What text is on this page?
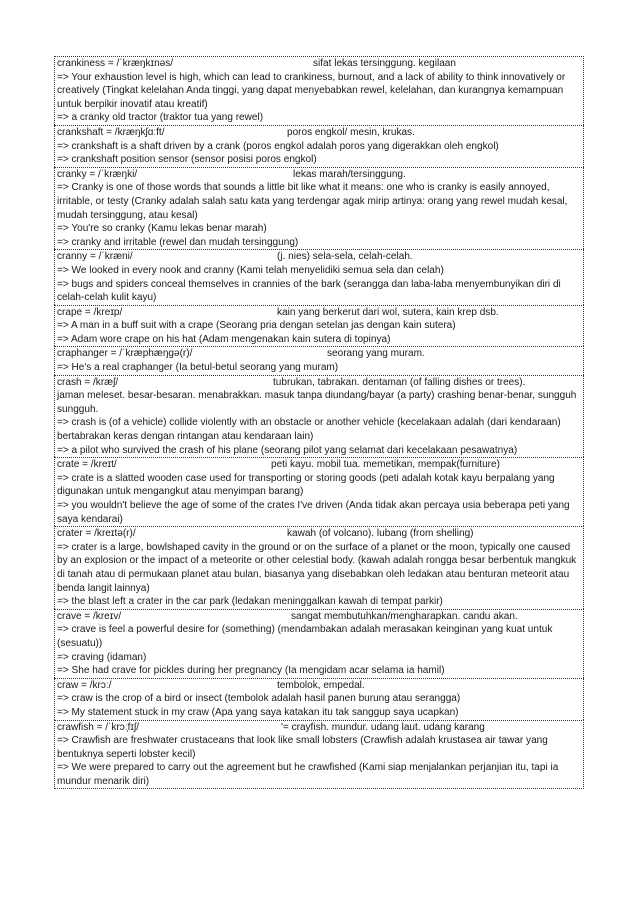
crankiness = /ˈkræŋkɪnəs/	sifat lekas tersinggung. kegilaan
=> Your exhaustion level is high, which can lead to crankiness, burnout, and a lack of ability to think innovatively or creatively (Tingkat kelelahan Anda tinggi, yang dapat menyebabkan rewel, kelelahan, dan kurangnya kemampuan untuk berpikir inovatif atau kreatif)
=> a cranky old tractor (traktor tua yang rewel)
crankshaft = /kræŋkʃɑːft/	poros engkol/ mesin, krukas.
=> crankshaft is a shaft driven by a crank (poros engkol adalah poros yang digerakkan oleh engkol)
=> crankshaft position sensor (sensor posisi poros engkol)
cranky = /ˈkræŋki/	lekas marah/tersinggung.
=> Cranky is one of those words that sounds a little bit like what it means: one who is cranky is easily annoyed, irritable, or testy (Cranky adalah salah satu kata yang terdengar agak mirip artinya: orang yang rewel mudah kesal, mudah tersinggung, atau kesal)
=> You're so cranky (Kamu lekas benar marah)
=> cranky and irritable (rewel dan mudah tersinggung)
cranny = /ˈkræni/	(j. nies) sela-sela, celah-celah.
=> We looked in every nook and cranny (Kami telah menyelidiki semua sela dan celah)
=> bugs and spiders conceal themselves in crannies of the bark (serangga dan laba-laba menyembunyikan diri di celah-celah kulit kayu)
crape = /kreɪp/	kain yang berkerut dari wol, sutera, kain krep dsb.
=> A man in a buff suit with a crape (Seorang pria dengan setelan jas dengan kain sutera)
=> Adam wore crape on his hat (Adam mengenakan kain sutera di topinya)
craphanger = /ˈkræphæŋgə(r)/	seorang yang muram.
=> He's a real craphanger (Ia betul-betul seorang yang muram)
crash = /kræʃ/	tubrukan, tabrakan. dentaman (of falling dishes or trees).
jaman meleset. besar-besaran. menabrakkan. masuk tanpa diundang/bayar (a party) crashing benar-benar, sungguh sungguh.
=> crash is (of a vehicle) collide violently with an obstacle or another vehicle (kecelakaan adalah (dari kendaraan) bertabrakan keras dengan rintangan atau kendaraan lain)
=> a pilot who survived the crash of his plane (seorang pilot yang selamat dari kecelakaan pesawatnya)
crate = /kreɪt/	peti kayu. mobil tua. memetikan, mempak(furniture)
=> crate is a slatted wooden case used for transporting or storing goods (peti adalah kotak kayu berpalang yang digunakan untuk mengangkut atau menyimpan barang)
=> you wouldn't believe the age of some of the crates I've driven (Anda tidak akan percaya usia beberapa peti yang saya kendarai)
crater = /kreɪtə(r)/	kawah (of volcano). lubang (from shelling)
=> crater is a large, bowlshaped cavity in the ground or on the surface of a planet or the moon, typically one caused by an explosion or the impact of a meteorite or other celestial body. (kawah adalah rongga besar berbentuk mangkuk di tanah atau di permukaan planet atau bulan, biasanya yang disebabkan oleh ledakan atau benturan meteorit atau benda langit lainnya)
=> the blast left a crater in the car park (ledakan meninggalkan kawah di tempat parkir)
crave = /kreɪv/	sangat membutuhkan/mengharapkan. candu akan.
=> crave is feel a powerful desire for (something) (mendambakan adalah merasakan keinginan yang kuat untuk (sesuatu))
=> craving (idaman)
=> She had crave for pickles during her pregnancy (Ia mengidam acar selama ia hamil)
craw = /krɔː/	tembolok, empedal.
=> craw is the crop of a bird or insect (tembolok adalah hasil panen burung atau serangga)
=> My statement stuck in my craw (Apa yang saya katakan itu tak sanggup saya ucapkan)
crawfish = /ˈkrɔː̩fɪʃ/	'= crayfish. mundur. udang laut. udang karang
=> Crawfish are freshwater crustaceans that look like small lobsters (Crawfish adalah krustasea air tawar yang bentuknya seperti lobster kecil)
=> We were prepared to carry out the agreement but he crawfished (Kami siap menjalankan perjanjian itu, tapi ia mundur menarik diri)
